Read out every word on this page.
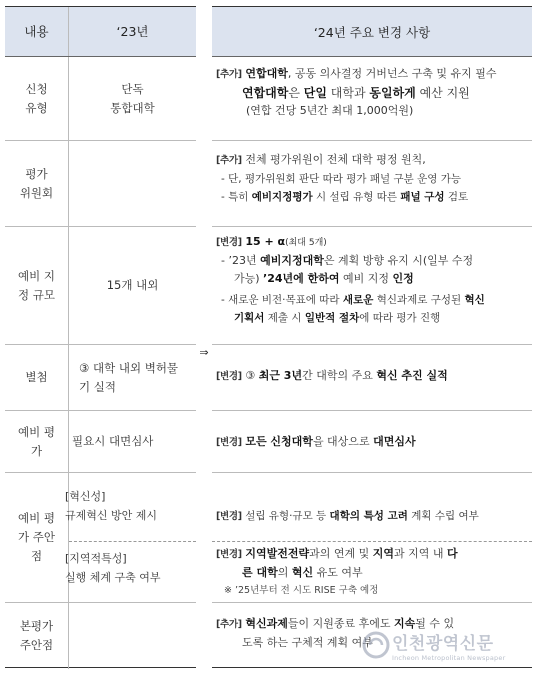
내용	‘23년
신청
유형
단독
통합대학
평가
위원회
예비 지
정 규모
15개 내외
별첨
③ 대학 내외 벽허물
기 실적
예비 평
가
필요시 대면심사
예비 평
가 주안
점
[혁신성]
규제혁신 방안 제시
[지역적특성]
실행 체계 구축 여부
본평가
주안점
⇒
‘24년 주요 변경 사항
[추가] 연합대학, 공동 의사결정 거버넌스 구축 및 유지 필수
연합대학은 단일 대학과 동일하게 예산 지원
(연합 건당 5년간 최대 1,000억원)
[추가] 전체 평가위원이 전체 대학 평정 원칙,
- 단, 평가위원회 판단 따라 평가 패널 구분 운영 가능
- 특히 예비지정평가 시 설립 유형 따른 패널 구성 검토
[변경] 15 + α(최대 5개)
- ’23년 예비지정대학은 계획 방향 유지 시(일부 수정
가능) ’24년에 한하여 예비 지정 인정
- 새로운 비전·목표에 따라 새로운 혁신과제로 구성된 혁신
기획서 제출 시 일반적 절차에 따라 평가 진행
[변경] ③ 최근 3년간 대학의 주요 혁신 추진 실적
[변경] 모든 신청대학을 대상으로 대면심사
[변경] 설립 유형·규모 등 대학의 특성 고려 계획 수립 여부
[변경] 지역발전전략과의 연계 및 지역과 지역 내 다
른 대학의 혁신 유도 여부
※ ’25년부터 전 시도 RISE 구축 예정
[추가] 혁신과제들이 지원종료 후에도 지속될 수 있
도록 하는 구체적 계획 여부	인천광역신문
Incheon Metropolitan Newspaper
